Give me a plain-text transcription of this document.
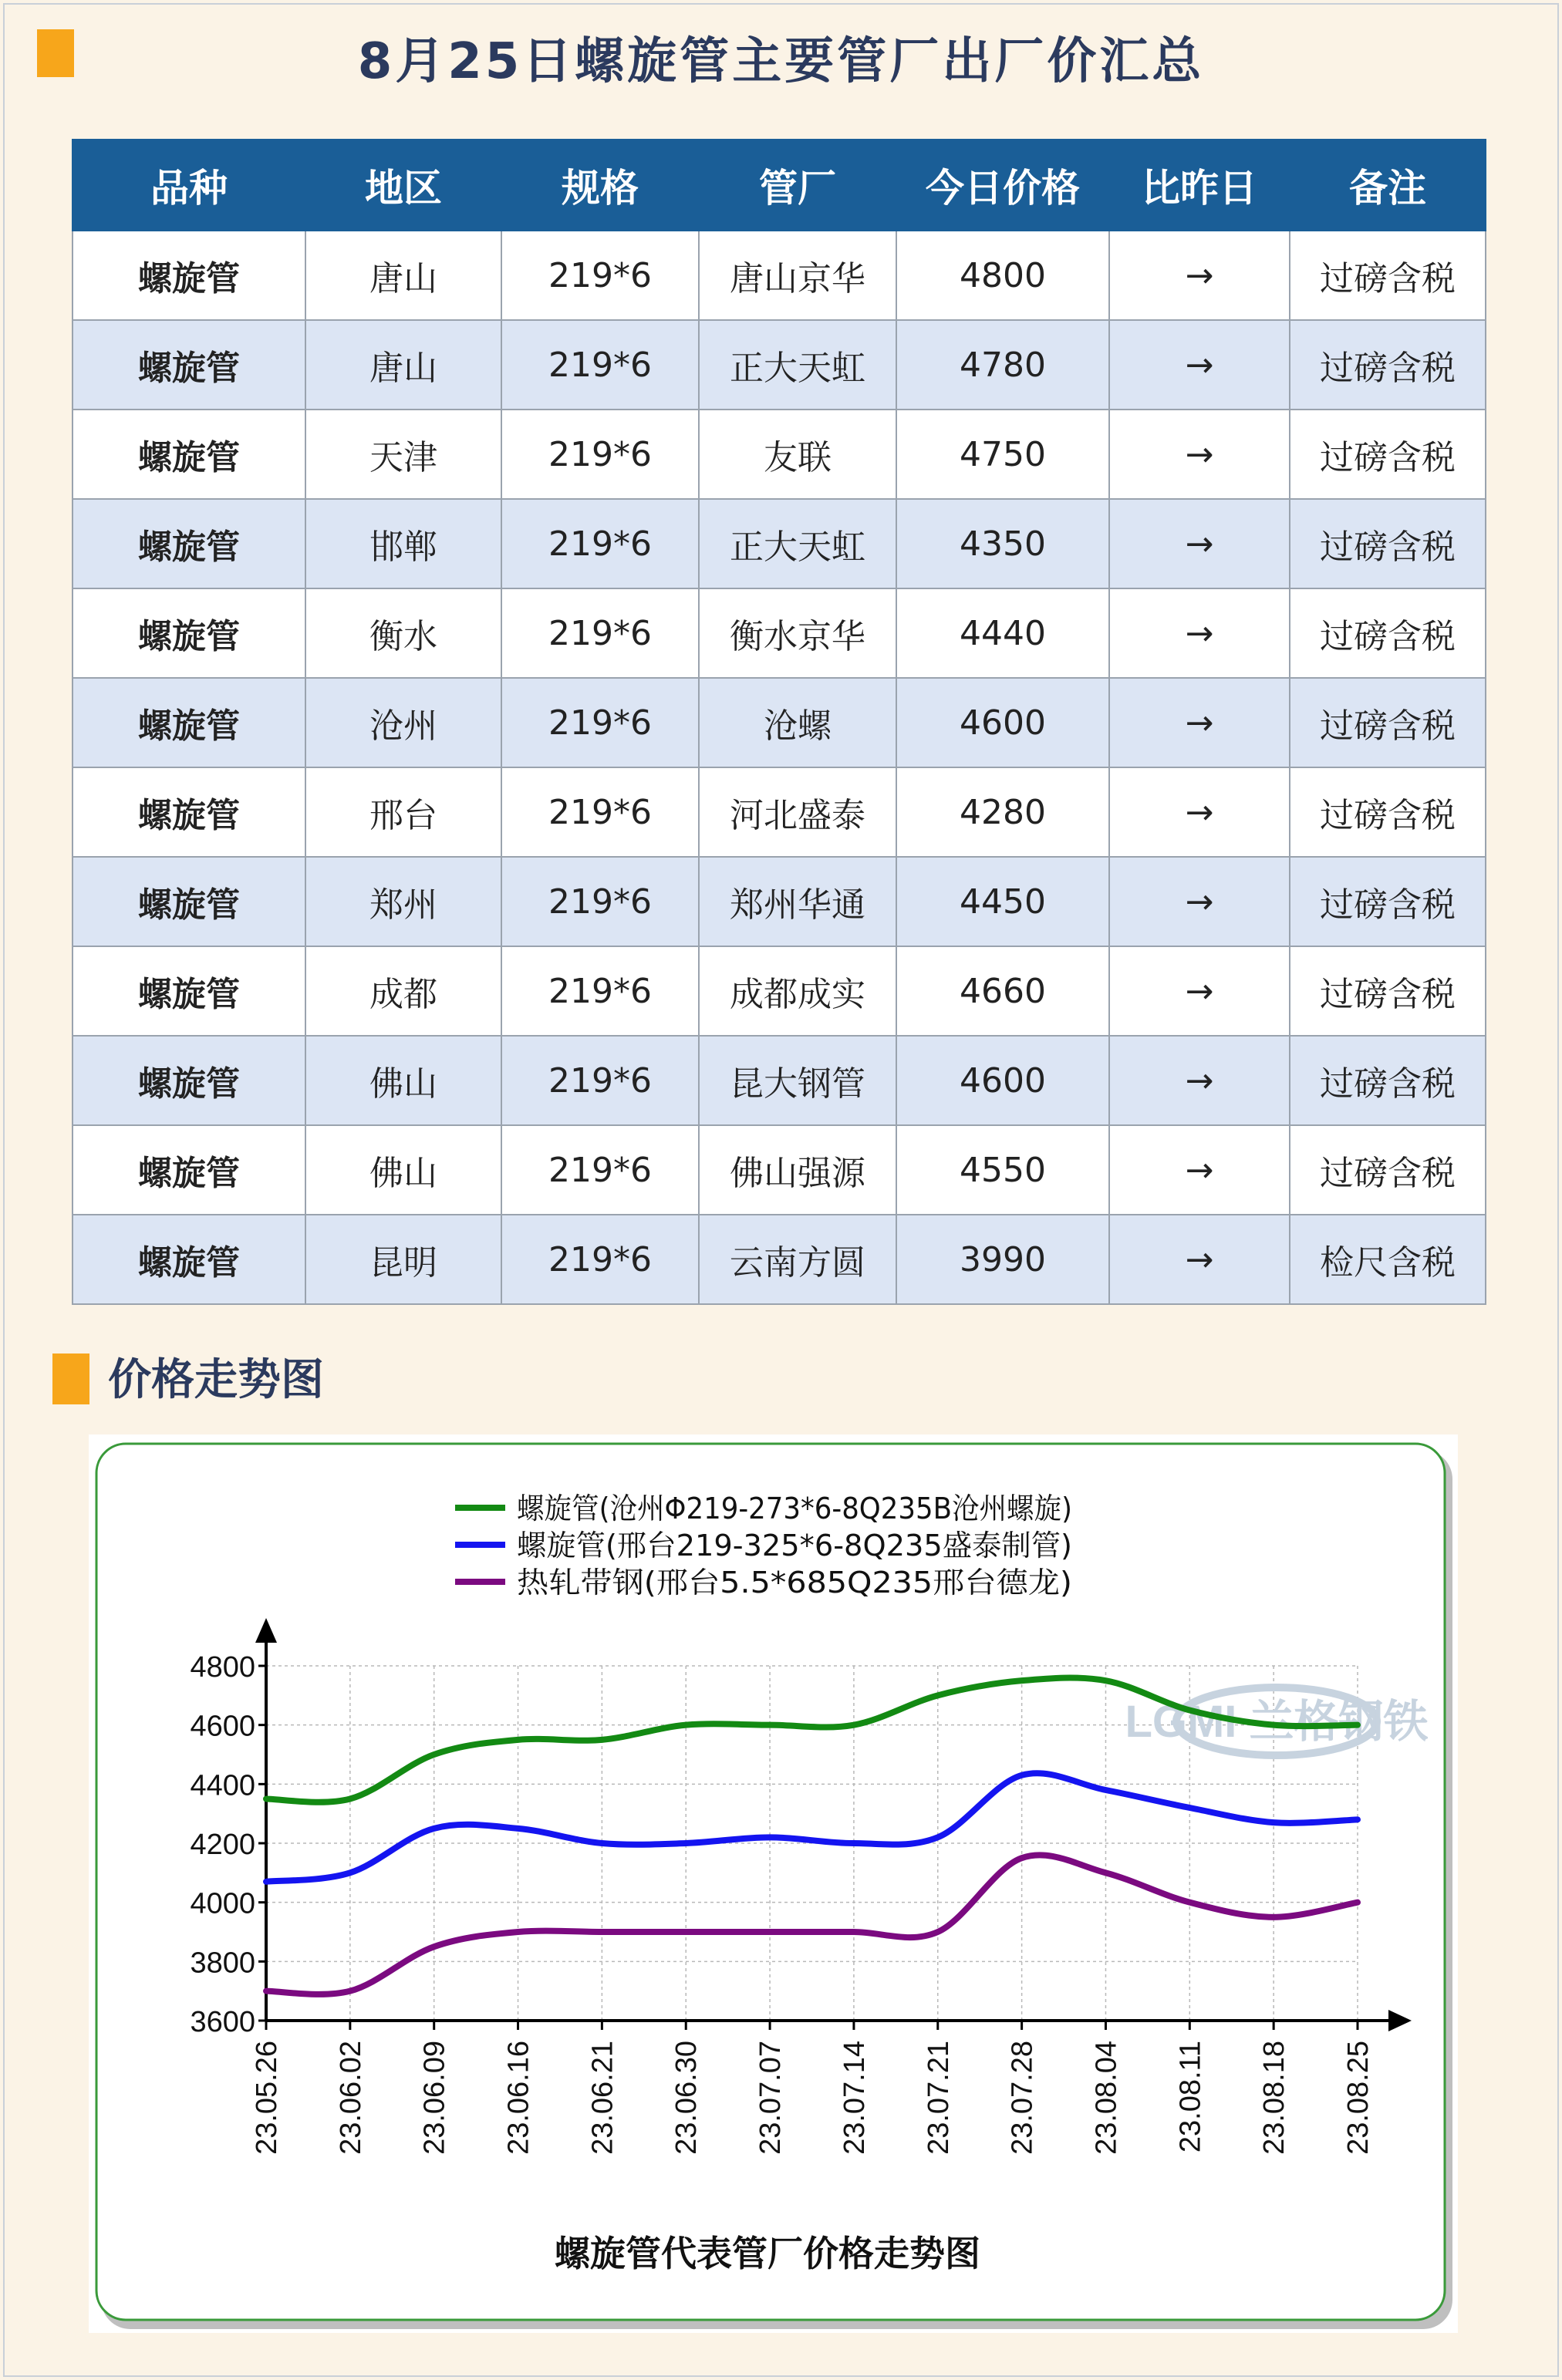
8月25日螺旋管主要管厂出厂价汇总
品种	地区	规格	管厂	今日价格	比昨日	备注
螺旋管	唐山	219*6	唐山京华	4800	→	过磅含税
螺旋管	唐山	219*6	正大天虹	4780	→	过磅含税
螺旋管	天津	219*6	友联	4750	→	过磅含税
螺旋管	邯郸	219*6	正大天虹	4350	→	过磅含税
螺旋管	衡水	219*6	衡水京华	4440	→	过磅含税
螺旋管	沧州	219*6	沧螺	4600	→	过磅含税
螺旋管	邢台	219*6	河北盛泰	4280	→	过磅含税
螺旋管	郑州	219*6	郑州华通	4450	→	过磅含税
螺旋管	成都	219*6	成都成实	4660	→	过磅含税
螺旋管	佛山	219*6	昆大钢管	4600	→	过磅含税
螺旋管	佛山	219*6	佛山强源	4550	→	过磅含税
螺旋管	昆明	219*6	云南方圆	3990	→	检尺含税
价格走势图
3600
3800
4000
4200
4400
4600
4800
23.05.26 23.06.02 23.06.09 23.06.16 23.06.21 23.06.30 23.07.07 23.07.14 23.07.21 23.07.28 23.08.04 23.08.11 23.08.18 23.08.25
LGMI 兰格钢铁
螺旋管(沧州Φ219-273*6-8Q235B沧州螺旋)
螺旋管(邢台219-325*6-8Q235盛泰制管)
热轧带钢(邢台5.5*685Q235邢台德龙)
螺旋管代表管厂价格走势图
